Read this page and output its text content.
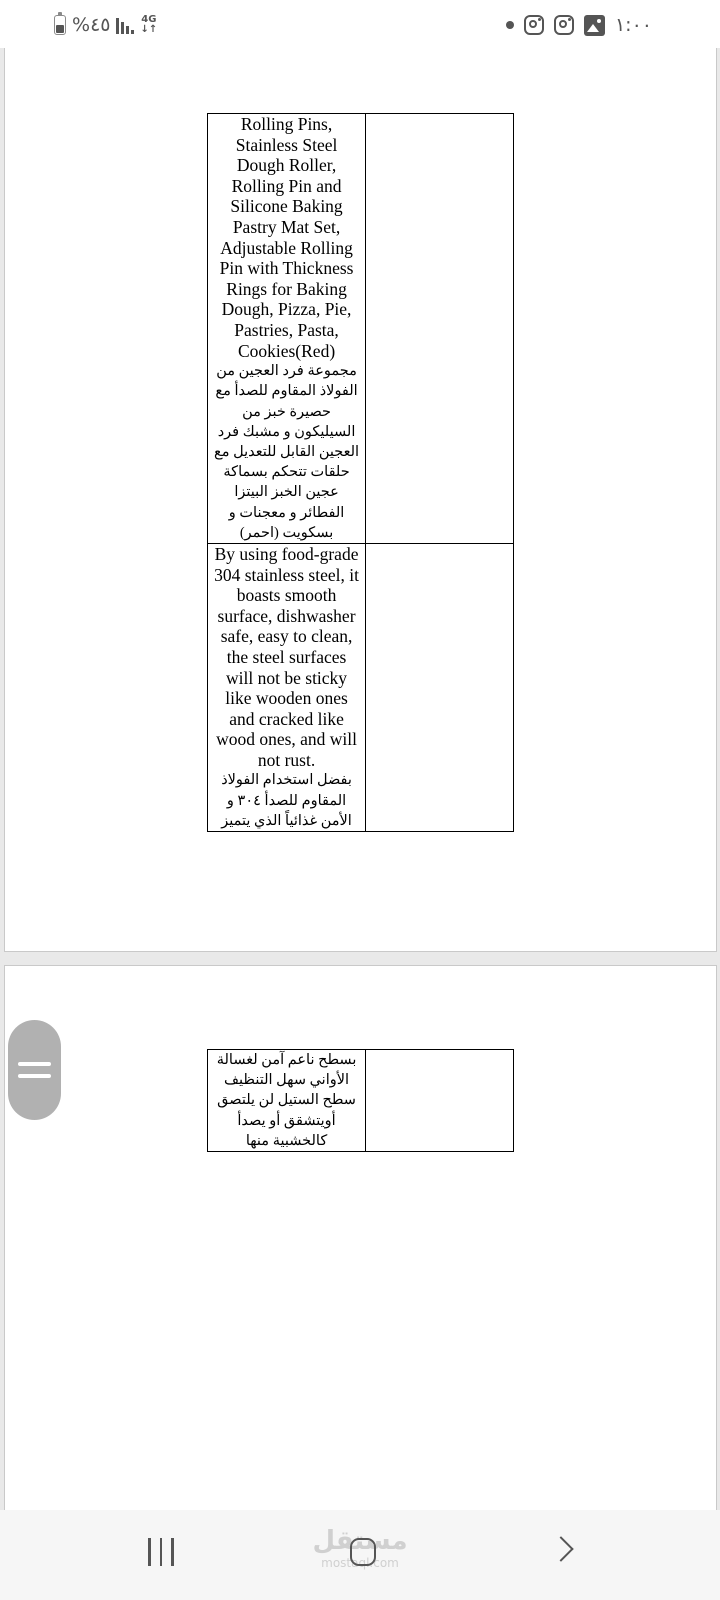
%٤٥	4G
↓↑	١:٠٠
Rolling Pins, Stainless Steel Dough Roller, Rolling Pin and Silicone Baking Pastry Mat Set, Adjustable Rolling Pin with Thickness Rings for Baking Dough, Pizza, Pie, Pastries, Pasta, Cookies(Red)
مجموعة فرد العجين من الفولاذ المقاوم للصدأ مع حصيرة خبز من السيليكون و مشبك فرد العجين القابل للتعديل مع حلقات تتحكم بسماكة عجين الخبز البيتزا الفطائر و معجنات و بسكويت (احمر)	

By using food-grade 304 stainless steel, it boasts smooth surface, dishwasher safe, easy to clean, the steel surfaces will not be sticky like wooden ones and cracked like wood ones, and will not rust.
بفضل استخدام الفولاذ المقاوم للصدأ ٣٠٤ و الأمن غذائياً الذي يتميز	

بسطح ناعم آمن لغسالة الأواني سهل التنظيف سطح الستيل لن يلتصق أويتشقق أو يصدأ كالخشبية منها

مستقل
mostaql.com
